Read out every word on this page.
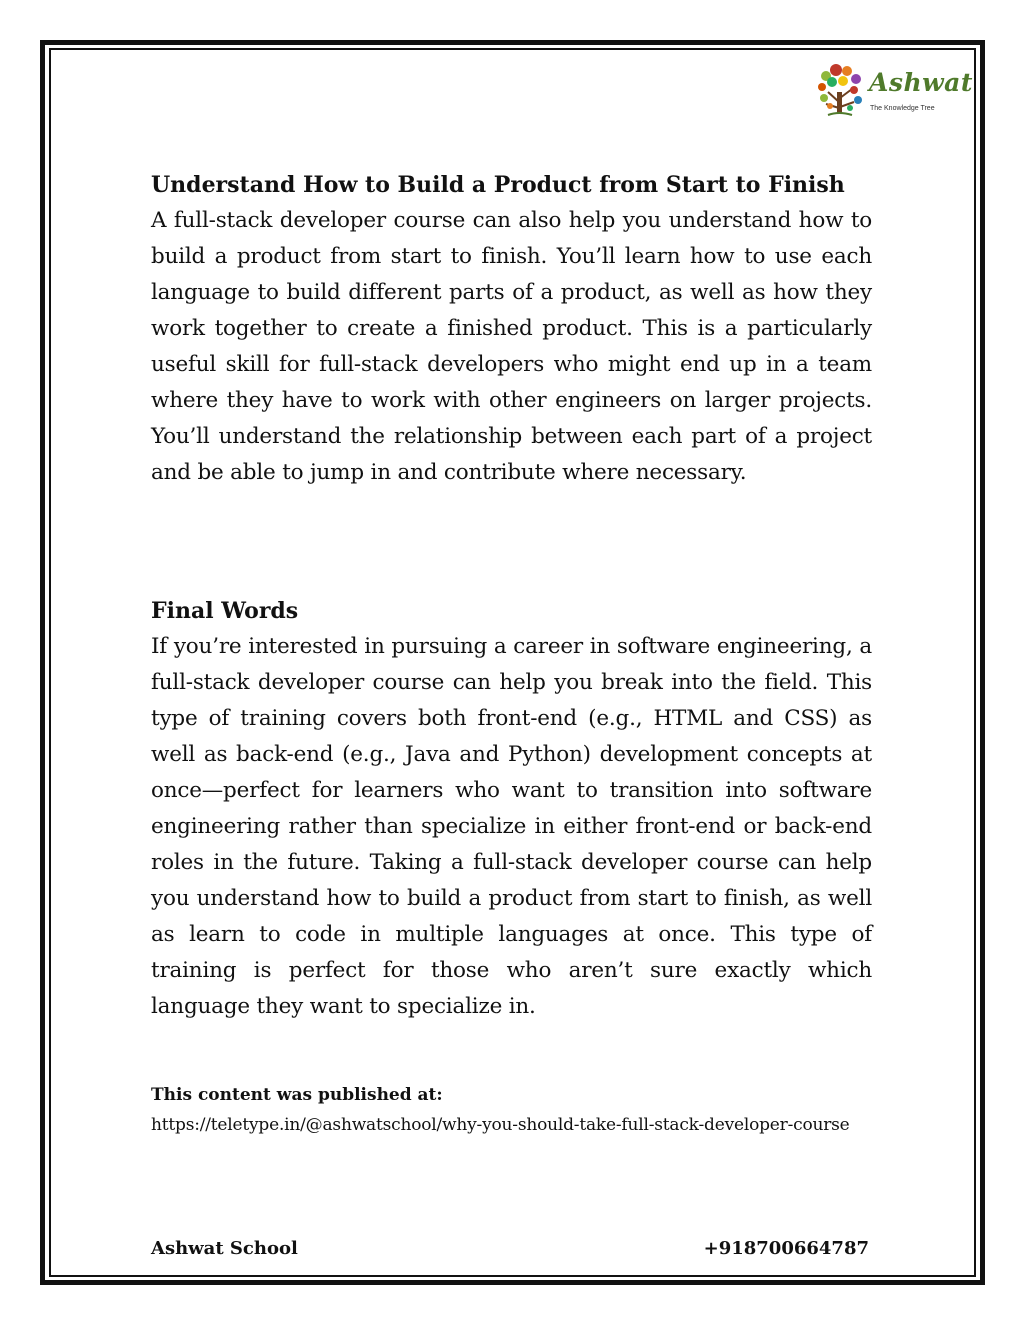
Ashwat
The Knowledge Tree
Understand How to Build a Product from Start to Finish

A full-stack developer course can also help you understand how to build a product from start to finish. You’ll learn how to use each language to build different parts of a product, as well as how they work together to create a finished product. This is a particularly useful skill for full-stack developers who might end up in a team where they have to work with other engineers on larger projects. You’ll understand the relationship between each part of a project and be able to jump in and contribute where necessary.

Final Words

If you’re interested in pursuing a career in software engineering, a full-stack developer course can help you break into the field. This type of training covers both front-end (e.g., HTML and CSS) as well as back-end (e.g., Java and Python) development concepts at once—perfect for learners who want to transition into software engineering rather than specialize in either front-end or back-end roles in the future. Taking a full-stack developer course can help you understand how to build a product from start to finish, as well as learn to code in multiple languages at once. This type of training is perfect for those who aren’t sure exactly which language they want to specialize in.

This content was published at:
https://teletype.in/@ashwatschool/why-you-should-take-full-stack-developer-course
Ashwat School	+918700664787
